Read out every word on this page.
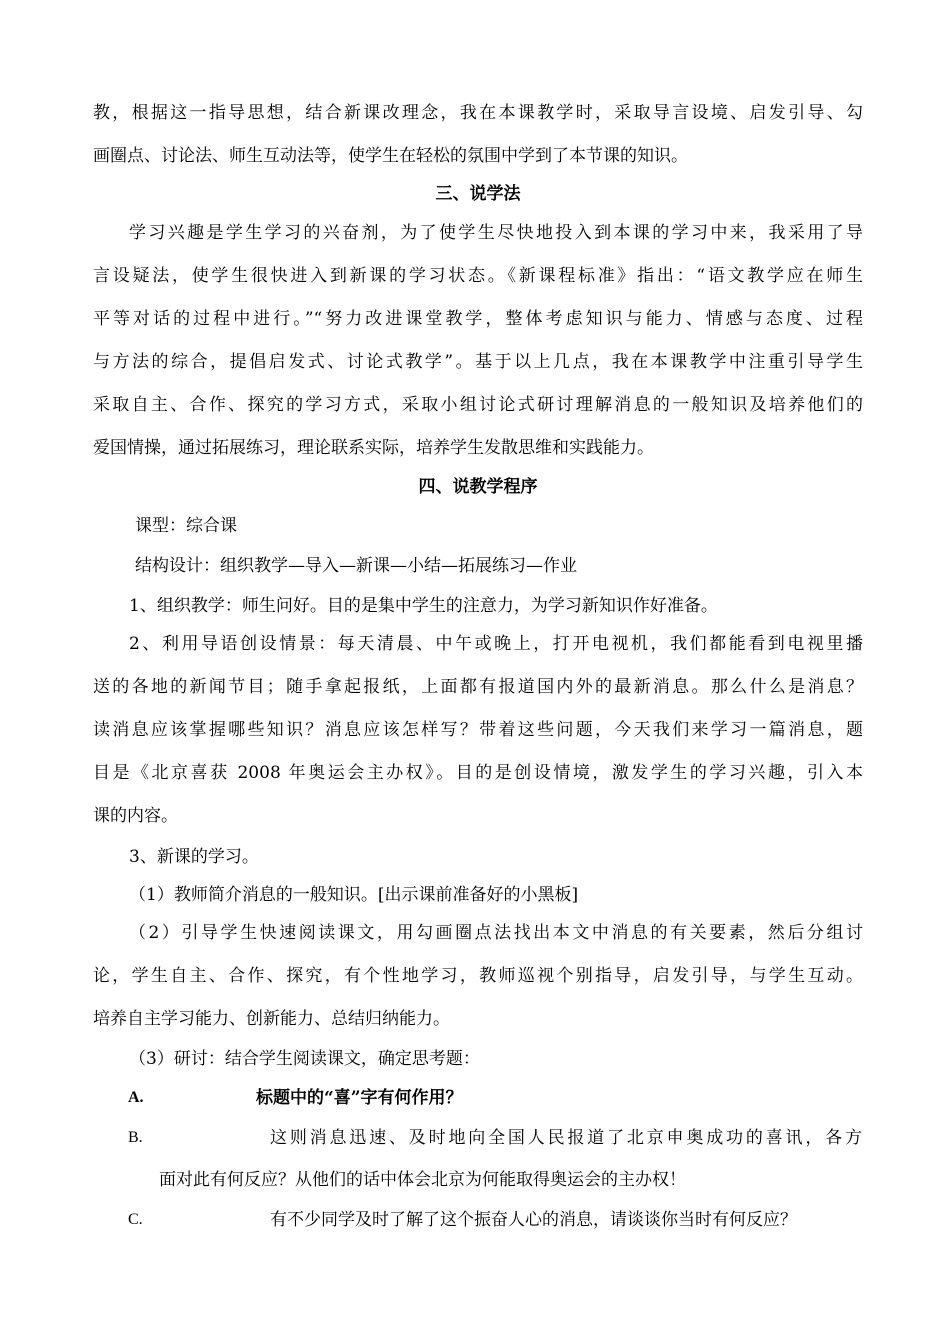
教，根据这一指导思想，结合新课改理念，我在本课教学时，采取导言设境、启发引导、勾
画圈点、讨论法、师生互动法等，使学生在轻松的氛围中学到了本节课的知识。
三、说学法
学习兴趣是学生学习的兴奋剂，为了使学生尽快地投入到本课的学习中来，我采用了导
言设疑法，使学生很快进入到新课的学习状态。《新课程标准》指出：“语文教学应在师生
平等对话的过程中进行。”“努力改进课堂教学，整体考虑知识与能力、情感与态度、过程
与方法的综合，提倡启发式、讨论式教学”。基于以上几点，我在本课教学中注重引导学生
采取自主、合作、探究的学习方式，采取小组讨论式研讨理解消息的一般知识及培养他们的
爱国情操，通过拓展练习，理论联系实际，培养学生发散思维和实践能力。
四、说教学程序
课型：综合课
结构设计：组织教学—导入—新课—小结—拓展练习—作业
1、组织教学：师生问好。目的是集中学生的注意力，为学习新知识作好准备。
2、利用导语创设情景：每天清晨、中午或晚上，打开电视机，我们都能看到电视里播
送的各地的新闻节目；随手拿起报纸，上面都有报道国内外的最新消息。那么什么是消息？
读消息应该掌握哪些知识？消息应该怎样写？带着这些问题，今天我们来学习一篇消息，题
目是《北京喜获 2008 年奥运会主办权》。目的是创设情境，激发学生的学习兴趣，引入本
课的内容。
3、新课的学习。
（1）教师简介消息的一般知识。[出示课前准备好的小黑板]
（2）引导学生快速阅读课文，用勾画圈点法找出本文中消息的有关要素，然后分组讨
论，学生自主、合作、探究，有个性地学习，教师巡视个别指导，启发引导，与学生互动。
培养自主学习能力、创新能力、总结归纳能力。
（3）研讨：结合学生阅读课文，确定思考题：
A.	标题中的“喜”字有何作用？
B.	这则消息迅速、及时地向全国人民报道了北京申奥成功的喜讯，各方
面对此有何反应？从他们的话中体会北京为何能取得奥运会的主办权！
C.	有不少同学及时了解了这个振奋人心的消息，请谈谈你当时有何反应？
